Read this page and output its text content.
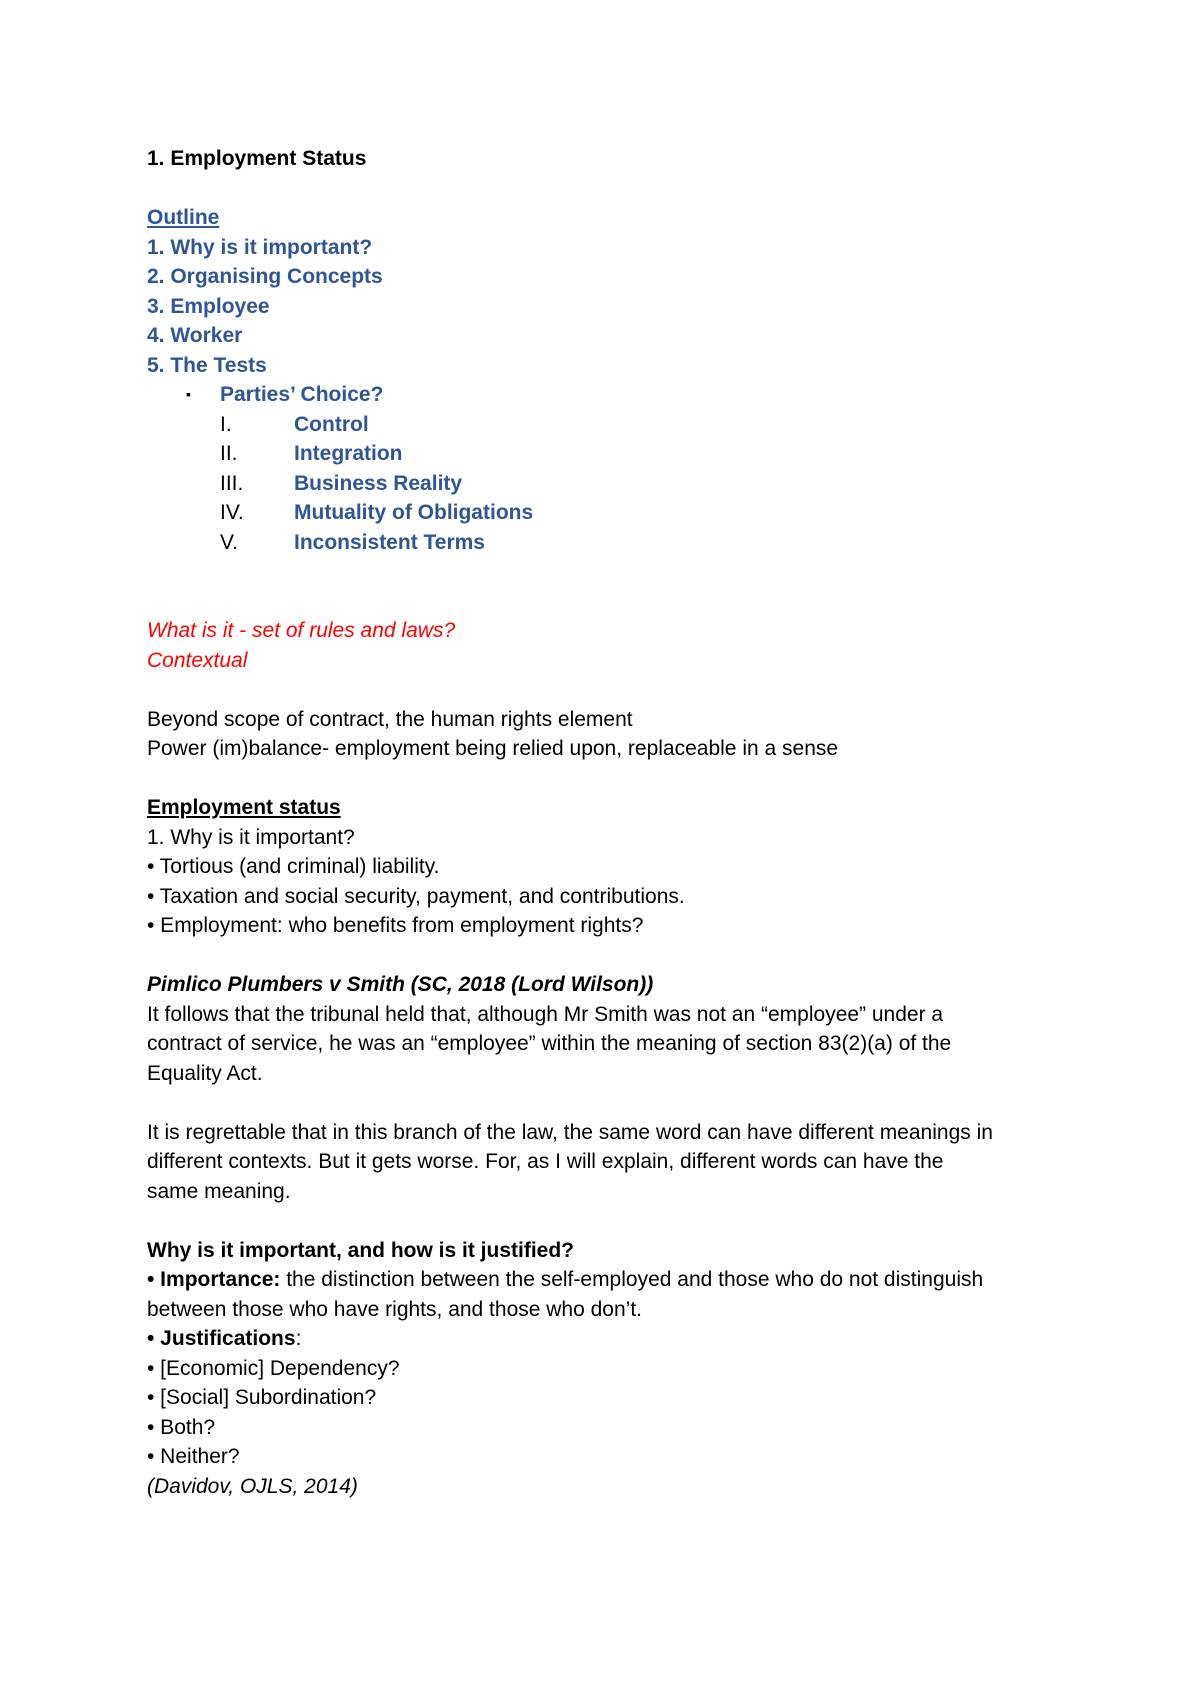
1. Employment Status
Outline
1. Why is it important?
2. Organising Concepts
3. Employee
4. Worker
5. The Tests
▪ Parties’ Choice?
I.	Control
II.	Integration
III. Business Reality
IV. Mutuality of Obligations
V.	Inconsistent Terms
What is it - set of rules and laws?
Contextual
Beyond scope of contract, the human rights element
Power (im)balance- employment being relied upon, replaceable in a sense
Employment status
1. Why is it important?
• Tortious (and criminal) liability.
• Taxation and social security, payment, and contributions.
• Employment: who benefits from employment rights?
Pimlico Plumbers v Smith (SC, 2018 (Lord Wilson))
It follows that the tribunal held that, although Mr Smith was not an “employee” under a
contract of service, he was an “employee” within the meaning of section 83(2)(a) of the
Equality Act.
It is regrettable that in this branch of the law, the same word can have different meanings in
different contexts. But it gets worse. For, as I will explain, different words can have the
same meaning.
Why is it important, and how is it justified?
• Importance: the distinction between the self-employed and those who do not distinguish
between those who have rights, and those who don’t.
• Justifications:
• [Economic] Dependency?
• [Social] Subordination?
• Both?
• Neither?
(Davidov, OJLS, 2014)
